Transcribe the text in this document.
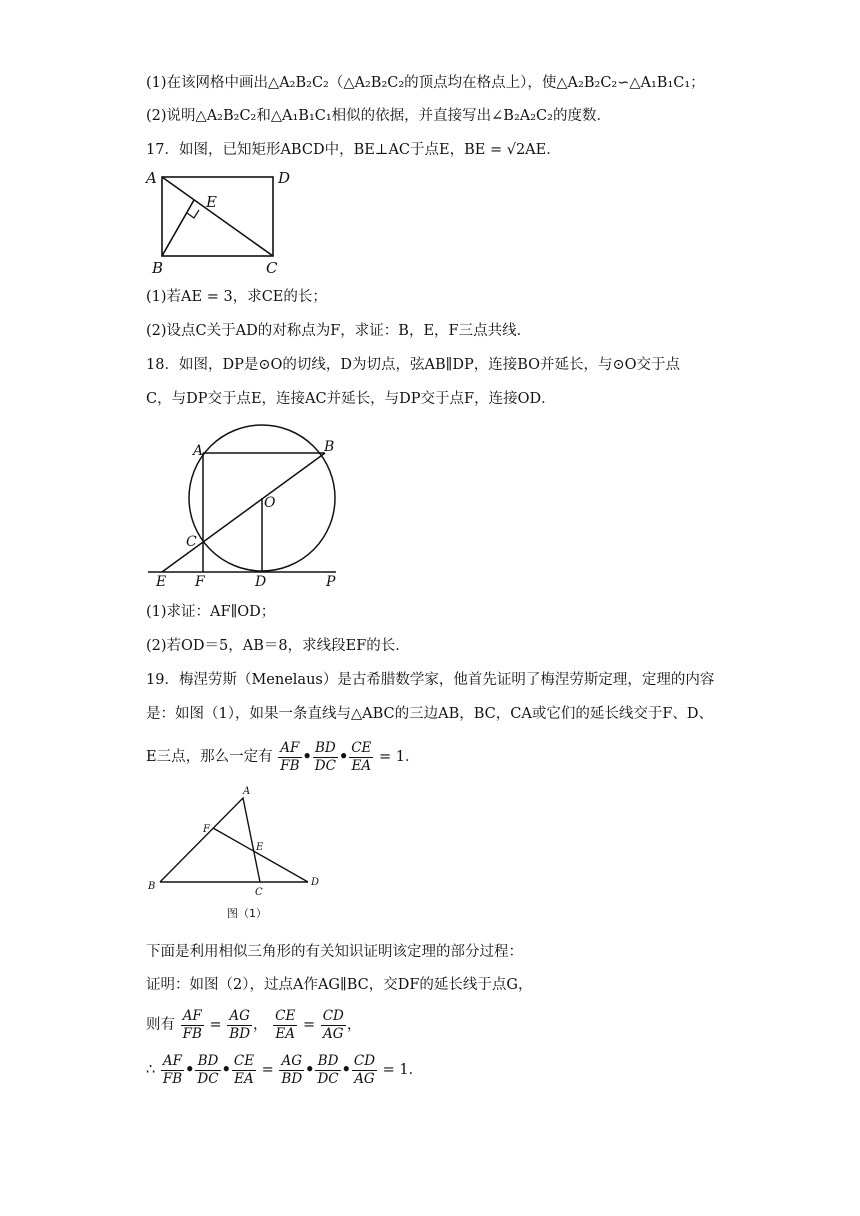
(1)在该网格中画出△A₂B₂C₂（△A₂B₂C₂的顶点均在格点上），使△A₂B₂C₂∽△A₁B₁C₁；
(2)说明△A₂B₂C₂和△A₁B₁C₁相似的依据，并直接写出∠B₂A₂C₂的度数．
17．如图，已知矩形ABCD中，BE⊥AC于点E，BE = √2AE．
A	D
E
B	C
(1)若AE = 3，求CE的长；
(2)设点C关于AD的对称点为F，求证：B，E，F三点共线．
18．如图，DP是⊙O的切线，D为切点，弦AB∥DP，连接BO并延长，与⊙O交于点
C，与DP交于点E，连接AC并延长，与DP交于点F，连接OD．
A	B
O
C
E F	D	P
(1)求证：AF∥OD；
(2)若OD＝5，AB＝8，求线段EF的长．
19．梅涅劳斯（Menelaus）是古希腊数学家，他首先证明了梅涅劳斯定理，定理的内容
是：如图（1），如果一条直线与△ABC的三边AB，BC，CA或它们的延长线交于F、D、
E三点，那么一定有 $\frac{AF}{FB}$ • $\frac{BD}{DC}$ • $\frac{CE}{EA} = 1$．
A
F
E
B
C
D
图（1）
下面是利用相似三角形的有关知识证明该定理的部分过程：
证明：如图（2），过点A作AG∥BC，交DF的延长线于点G，
则有 $\frac{AF}{FB} = \frac{AG}{BD}$ ， $\frac{CE}{EA} = \frac{CD}{AG}$ ，
∴ $\frac{AF}{FB}$ • $\frac{BD}{DC}$ • $\frac{CE}{EA} = \frac{AG}{BD}$ • $\frac{BD}{DC}$ • $\frac{CD}{AG} = 1$．
